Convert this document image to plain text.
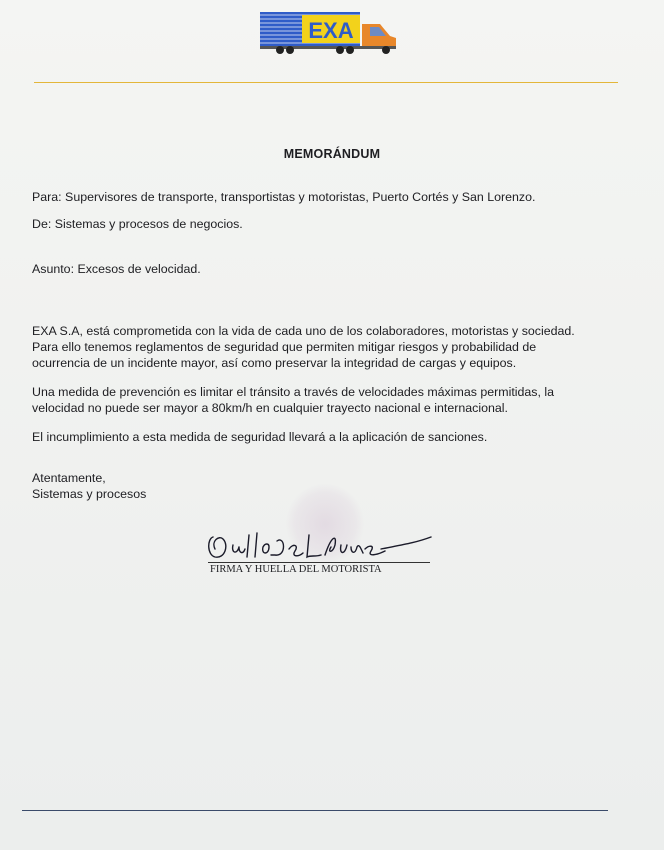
EXA
MEMORÁNDUM
Para: Supervisores de transporte, transportistas y motoristas, Puerto Cortés y San Lorenzo.
De: Sistemas y procesos de negocios.
Asunto: Excesos de velocidad.
EXA S.A, está comprometida con la vida de cada uno de los colaboradores, motoristas y sociedad.
Para ello tenemos reglamentos de seguridad que permiten mitigar riesgos y probabilidad de
ocurrencia de un incidente mayor, así como preservar la integridad de cargas y equipos.
Una medida de prevención es limitar el tránsito a través de velocidades máximas permitidas, la
velocidad no puede ser mayor a 80km/h en cualquier trayecto nacional e internacional.
El incumplimiento a esta medida de seguridad llevará a la aplicación de sanciones.
Atentamente,
Sistemas y procesos
FIRMA Y HUELLA DEL MOTORISTA
